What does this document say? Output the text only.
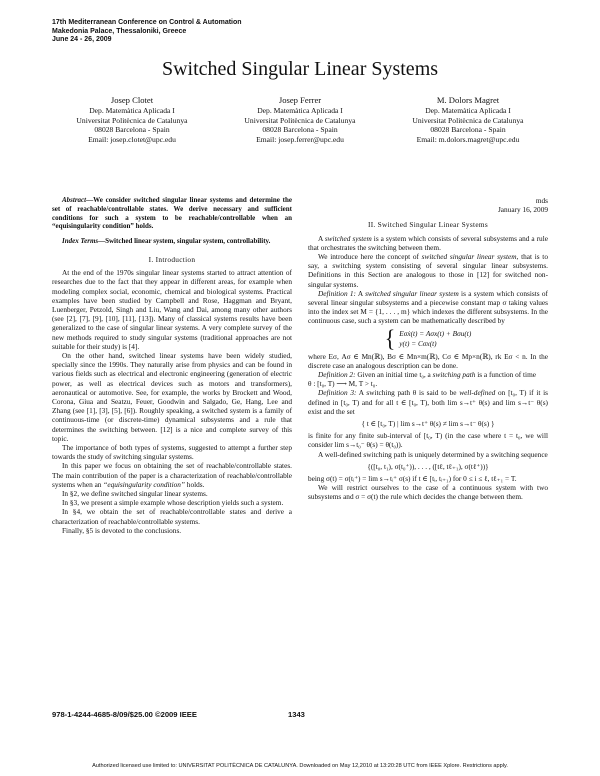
17th Mediterranean Conference on Control & Automation
Makedonia Palace, Thessaloniki, Greece
June 24 - 26, 2009
Switched Singular Linear Systems
Josep Clotet
Dep. Matemàtica Aplicada I
Universitat Politècnica de Catalunya
08028 Barcelona - Spain
Email: josep.clotet@upc.edu
Josep Ferrer
Dep. Matemàtica Aplicada I
Universitat Politècnica de Catalunya
08028 Barcelona - Spain
Email: josep.ferrer@upc.edu
M. Dolors Magret
Dep. Matemàtica Aplicada I
Universitat Politècnica de Catalunya
08028 Barcelona - Spain
Email: m.dolors.magret@upc.edu

Abstract—We consider switched singular linear systems and determine the set of reachable/controllable states. We derive necessary and sufficient conditions for such a system to be reachable/controllable when an “equisingularity condition” holds.

Index Terms—Switched linear system, singular system, controllability.

I. Introduction

At the end of the 1970s singular linear systems started to attract attention of researches due to the fact that they appear in different areas, for example when modeling complex social, economic, chemical and biological systems. Practical examples have been studied by Campbell and Rose, Haggman and Bryant, Luenberger, Petzold, Singh and Liu, Wang and Dai, among many other authors (see [2], [7], [9], [10], [11], [13]). Many of classical systems results have been generalized to the case of singular linear systems. A very complete survey of the new methods required to study singular systems (traditional approaches are not suitable for their study) is [4].

On the other hand, switched linear systems have been widely studied, specially since the 1990s. They naturally arise from physics and can be found in various fields such as electrical and electronic engineering (generation of electric power, as well as electrical devices such as motors and transformers), aeronautical or automotive. See, for example, the works by Brockett and Wood, Corona, Giua and Seatzu, Feuer, Goodwin and Salgado, Ge, Hang, Lee and Zhang (see [1], [3], [5], [6]). Roughly speaking, a switched system is a family of continuous-time (or discrete-time) dynamical subsystems and a rule that determines the switching between. [12] is a nice and complete survey of this topic.

The importance of both types of systems, suggested to attempt a further step towards the study of switching singular systems.

In this paper we focus on obtaining the set of reachable/controllable states. The main contribution of the paper is a characterization of reachable/controllable systems when an “equisingularity condition” holds.

In §2, we define switched singular linear systems.

In §3, we present a simple example whose description yields such a system.

In §4, we obtain the set of reachable/controllable states and derive a characterization of reachable/controllable systems.

Finally, §5 is devoted to the conclusions.

mds

January 16, 2009

II. Switched Singular Linear Systems

A switched system is a system which consists of several subsystems and a rule that orchestrates the switching between them.

We introduce here the concept of switched singular linear system, that is to say, a switching system consisting of several singular linear subsystems. Definitions in this Section are analogous to those in [12] for switched non-singular systems.

Definition 1: A switched singular linear system is a system which consists of several linear singular subsystems and a piecewise constant map σ taking values into the index set M = {1, . . . , m} which indexes the different subsystems. In the continuous case, such a system can be mathematically described by

{ Eσẋ(t) = Aσx(t) + Bσu(t)
y(t) = Cσx(t)

where Eσ, Aσ ∈ Mn(ℝ), Bσ ∈ Mn×m(ℝ), Cσ ∈ Mp×n(ℝ), rk Eσ < n. In the discrete case an analogous description can be done.

Definition 2: Given an initial time t₀, a switching path is a function of time

θ : [t₀, T) ⟶ M, T > t₀.

Definition 3: A switching path θ is said to be well-defined on [t₀, T) if it is defined in [t₀, T) and for all t ∈ [t₀, T), both lim s→t⁺ θ(s) and lim s→t⁻ θ(s) exist and the set

{ t ∈ [t₀, T) | lim s→t⁺ θ(s) ≠ lim s→t⁻ θ(s) }

is finite for any finite sub-interval of [t₀, T) (in the case where t = t₀, we will consider lim s→t₀⁻ θ(s) = θ(t₀)).

A well-defined switching path is uniquely determined by a switching sequence

{([t₀, t₁), σ(t₀⁺)), . . . , ([tℓ, tℓ₊₁), σ(tℓ⁺))}

being σ(t) = σ(tᵢ⁺) = lim s→tᵢ⁺ σ(s) if t ∈ [tᵢ, tᵢ₊₁) for 0 ≤ i ≤ ℓ, tℓ₊₁ = T.

We will restrict ourselves to the case of a continuous system with two subsystems and σ = σ(t) the rule which decides the change between them.

978-1-4244-4685-8/09/$25.00 ©2009 IEEE	1343
Authorized licensed use limited to: UNIVERSITAT POLITÈCNICA DE CATALUNYA. Downloaded on May 12,2010 at 13:20:28 UTC from IEEE Xplore. Restrictions apply.
